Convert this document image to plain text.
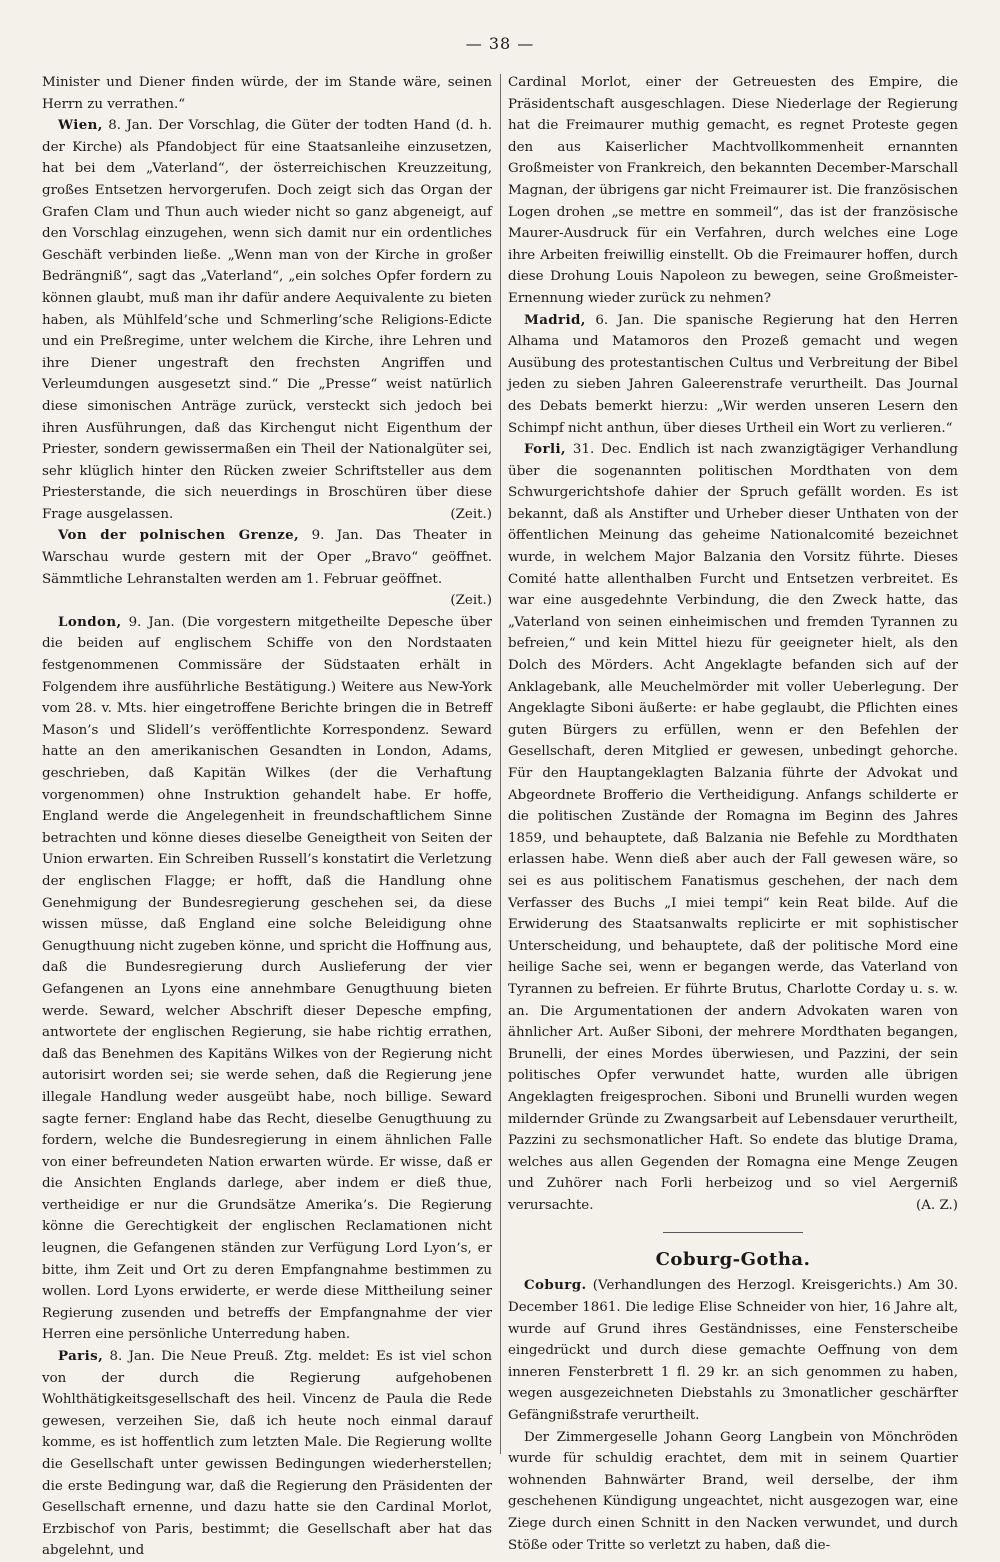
— 38 —

Minister und Diener finden würde, der im Stande wäre, seinen Herrn zu verrathen.“

Wien, 8. Jan. Der Vorschlag, die Güter der todten Hand (d. h. der Kirche) als Pfandobject für eine Staatsanleihe einzusetzen, hat bei dem „Vaterland“, der österreichischen Kreuzzeitung, großes Entsetzen hervorgerufen. Doch zeigt sich das Organ der Grafen Clam und Thun auch wieder nicht so ganz abgeneigt, auf den Vorschlag einzugehen, wenn sich damit nur ein ordentliches Geschäft verbinden ließe. „Wenn man von der Kirche in großer Bedrängniß“, sagt das „Vaterland“, „ein solches Opfer fordern zu können glaubt, muß man ihr dafür andere Aequivalente zu bieten haben, als Mühlfeld’sche und Schmerling’sche Religions-Edicte und ein Preßregime, unter welchem die Kirche, ihre Lehren und ihre Diener ungestraft den frechsten Angriffen und Verleumdungen ausgesetzt sind.“ Die „Presse“ weist natürlich diese simonischen Anträge zurück, versteckt sich jedoch bei ihren Ausführungen, daß das Kirchengut nicht Eigenthum der Priester, sondern gewissermaßen ein Theil der Nationalgüter sei, sehr klüglich hinter den Rücken zweier Schriftsteller aus dem Priesterstande, die sich neuerdings in Broschüren über diese Frage ausgelassen.	(Zeit.)

Von der polnischen Grenze, 9. Jan. Das Theater in Warschau wurde gestern mit der Oper „Bravo“ geöffnet. Sämmtliche Lehranstalten werden am 1. Februar geöffnet.
(Zeit.)

London, 9. Jan. (Die vorgestern mitgetheilte Depesche über die beiden auf englischem Schiffe von den Nordstaaten festgenommenen Commissäre der Südstaaten erhält in Folgendem ihre ausführliche Bestätigung.) Weitere aus New-York vom 28. v. Mts. hier eingetroffene Berichte bringen die in Betreff Mason’s und Slidell’s veröffentlichte Korrespondenz. Seward hatte an den amerikanischen Gesandten in London, Adams, geschrieben, daß Kapitän Wilkes (der die Verhaftung vorgenommen) ohne Instruktion gehandelt habe. Er hoffe, England werde die Angelegenheit in freundschaftlichem Sinne betrachten und könne dieses dieselbe Geneigtheit von Seiten der Union erwarten. Ein Schreiben Russell’s konstatirt die Verletzung der englischen Flagge; er hofft, daß die Handlung ohne Genehmigung der Bundesregierung geschehen sei, da diese wissen müsse, daß England eine solche Beleidigung ohne Genugthuung nicht zugeben könne, und spricht die Hoffnung aus, daß die Bundesregierung durch Auslieferung der vier Gefangenen an Lyons eine annehmbare Genugthuung bieten werde. Seward, welcher Abschrift dieser Depesche empfing, antwortete der englischen Regierung, sie habe richtig errathen, daß das Benehmen des Kapitäns Wilkes von der Regierung nicht autorisirt worden sei; sie werde sehen, daß die Regierung jene illegale Handlung weder ausgeübt habe, noch billige. Seward sagte ferner: England habe das Recht, dieselbe Genugthuung zu fordern, welche die Bundesregierung in einem ähnlichen Falle von einer befreundeten Nation erwarten würde. Er wisse, daß er die Ansichten Englands darlege, aber indem er dieß thue, vertheidige er nur die Grundsätze Amerika’s. Die Regierung könne die Gerechtigkeit der englischen Reclamationen nicht leugnen, die Gefangenen ständen zur Verfügung Lord Lyon’s, er bitte, ihm Zeit und Ort zu deren Empfangnahme bestimmen zu wollen. Lord Lyons erwiderte, er werde diese Mittheilung seiner Regierung zusenden und betreffs der Empfangnahme der vier Herren eine persönliche Unterredung haben.

Paris, 8. Jan. Die Neue Preuß. Ztg. meldet: Es ist viel schon von der durch die Regierung aufgehobenen Wohlthätigkeitsgesellschaft des heil. Vincenz de Paula die Rede gewesen, verzeihen Sie, daß ich heute noch einmal darauf komme, es ist hoffentlich zum letzten Male. Die Regierung wollte die Gesellschaft unter gewissen Bedingungen wiederherstellen; die erste Bedingung war, daß die Regierung den Präsidenten der Gesellschaft ernenne, und dazu hatte sie den Cardinal Morlot, Erzbischof von Paris, bestimmt; die Gesellschaft aber hat das abgelehnt, und

Cardinal Morlot, einer der Getreuesten des Empire, die Präsidentschaft ausgeschlagen. Diese Niederlage der Regierung hat die Freimaurer muthig gemacht, es regnet Proteste gegen den aus Kaiserlicher Machtvollkommenheit ernannten Großmeister von Frankreich, den bekannten December-Marschall Magnan, der übrigens gar nicht Freimaurer ist. Die französischen Logen drohen „se mettre en sommeil“, das ist der französische Maurer-Ausdruck für ein Verfahren, durch welches eine Loge ihre Arbeiten freiwillig einstellt. Ob die Freimaurer hoffen, durch diese Drohung Louis Napoleon zu bewegen, seine Großmeister-Ernennung wieder zurück zu nehmen?

Madrid, 6. Jan. Die spanische Regierung hat den Herren Alhama und Matamoros den Prozeß gemacht und wegen Ausübung des protestantischen Cultus und Verbreitung der Bibel jeden zu sieben Jahren Galeerenstrafe verurtheilt. Das Journal des Debats bemerkt hierzu: „Wir werden unseren Lesern den Schimpf nicht anthun, über dieses Urtheil ein Wort zu verlieren.“

Forli, 31. Dec. Endlich ist nach zwanzigtägiger Verhandlung über die sogenannten politischen Mordthaten von dem Schwurgerichtshofe dahier der Spruch gefällt worden. Es ist bekannt, daß als Anstifter und Urheber dieser Unthaten von der öffentlichen Meinung das geheime Nationalcomité bezeichnet wurde, in welchem Major Balzania den Vorsitz führte. Dieses Comité hatte allenthalben Furcht und Entsetzen verbreitet. Es war eine ausgedehnte Verbindung, die den Zweck hatte, das „Vaterland von seinen einheimischen und fremden Tyrannen zu befreien,“ und kein Mittel hiezu für geeigneter hielt, als den Dolch des Mörders. Acht Angeklagte befanden sich auf der Anklagebank, alle Meuchelmörder mit voller Ueberlegung. Der Angeklagte Siboni äußerte: er habe geglaubt, die Pflichten eines guten Bürgers zu erfüllen, wenn er den Befehlen der Gesellschaft, deren Mitglied er gewesen, unbedingt gehorche. Für den Hauptangeklagten Balzania führte der Advokat und Abgeordnete Brofferio die Vertheidigung. Anfangs schilderte er die politischen Zustände der Romagna im Beginn des Jahres 1859, und behauptete, daß Balzania nie Befehle zu Mordthaten erlassen habe. Wenn dieß aber auch der Fall gewesen wäre, so sei es aus politischem Fanatismus geschehen, der nach dem Verfasser des Buchs „I miei tempi“ kein Reat bilde. Auf die Erwiderung des Staatsanwalts replicirte er mit sophistischer Unterscheidung, und behauptete, daß der politische Mord eine heilige Sache sei, wenn er begangen werde, das Vaterland von Tyrannen zu befreien. Er führte Brutus, Charlotte Corday u. s. w. an. Die Argumentationen der andern Advokaten waren von ähnlicher Art. Außer Siboni, der mehrere Mordthaten begangen, Brunelli, der eines Mordes überwiesen, und Pazzini, der sein politisches Opfer verwundet hatte, wurden alle übrigen Angeklagten freigesprochen. Siboni und Brunelli wurden wegen mildernder Gründe zu Zwangsarbeit auf Lebensdauer verurtheilt, Pazzini zu sechsmonatlicher Haft. So endete das blutige Drama, welches aus allen Gegenden der Romagna eine Menge Zeugen und Zuhörer nach Forli herbeizog und so viel Aergerniß verursachte.	(A. Z.)

Coburg-Gotha.

Coburg. (Verhandlungen des Herzogl. Kreisgerichts.) Am 30. December 1861. Die ledige Elise Schneider von hier, 16 Jahre alt, wurde auf Grund ihres Geständnisses, eine Fensterscheibe eingedrückt und durch diese gemachte Oeffnung von dem inneren Fensterbrett 1 fl. 29 kr. an sich genommen zu haben, wegen ausgezeichneten Diebstahls zu 3monatlicher geschärfter Gefängnißstrafe verurtheilt.

Der Zimmergeselle Johann Georg Langbein von Mönchröden wurde für schuldig erachtet, dem mit in seinem Quartier wohnenden Bahnwärter Brand, weil derselbe, der ihm geschehenen Kündigung ungeachtet, nicht ausgezogen war, eine Ziege durch einen Schnitt in den Nacken verwundet, und durch Stöße oder Tritte so verletzt zu haben, daß die-
